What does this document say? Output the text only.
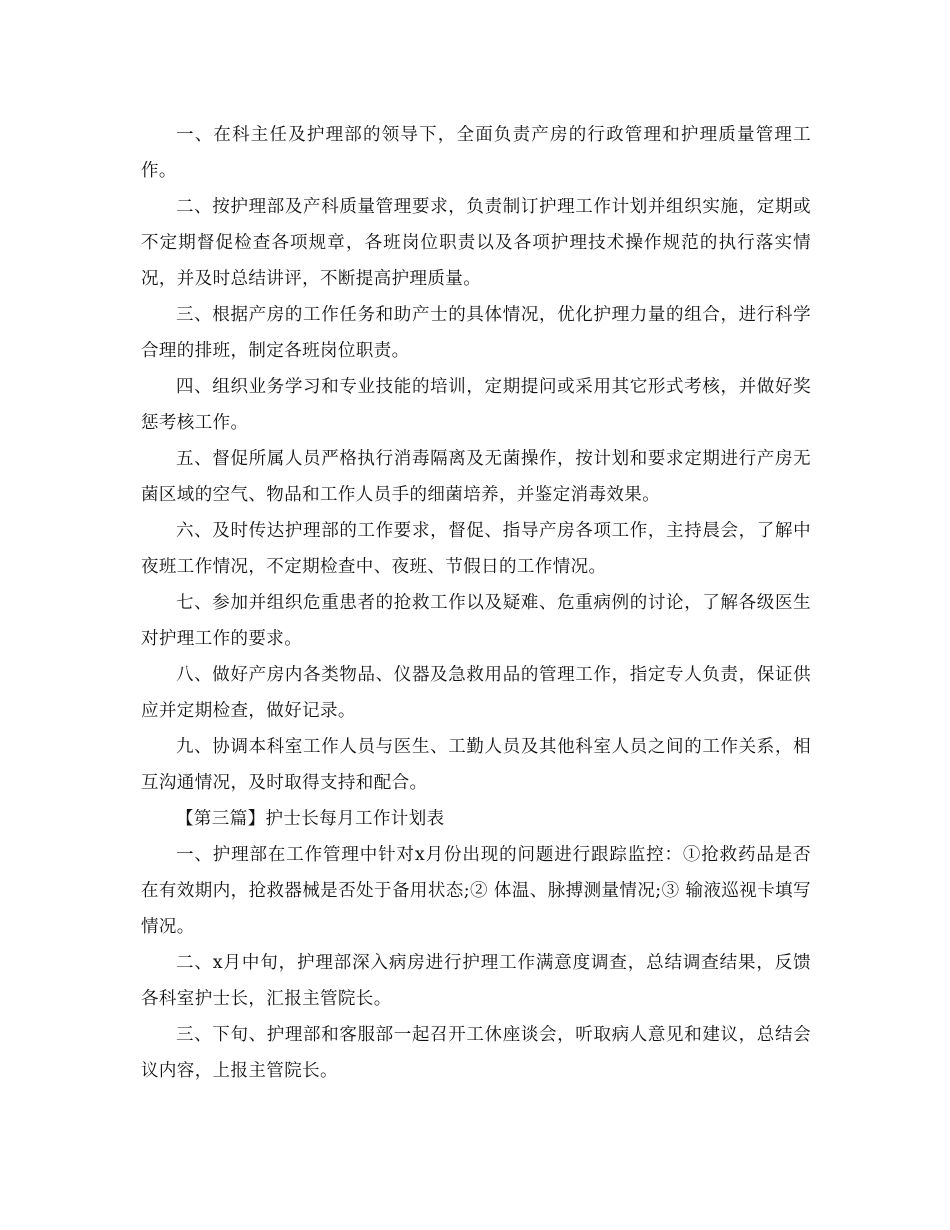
一、在科主任及护理部的领导下，全面负责产房的行政管理和护理质量管理工作。

二、按护理部及产科质量管理要求，负责制订护理工作计划并组织实施，定期或不定期督促检查各项规章，各班岗位职责以及各项护理技术操作规范的执行落实情况，并及时总结讲评，不断提高护理质量。

三、根据产房的工作任务和助产士的具体情况，优化护理力量的组合，进行科学合理的排班，制定各班岗位职责。

四、组织业务学习和专业技能的培训，定期提问或采用其它形式考核，并做好奖惩考核工作。

五、督促所属人员严格执行消毒隔离及无菌操作，按计划和要求定期进行产房无菌区域的空气、物品和工作人员手的细菌培养，并鉴定消毒效果。

六、及时传达护理部的工作要求，督促、指导产房各项工作，主持晨会，了解中夜班工作情况，不定期检查中、夜班、节假日的工作情况。

七、参加并组织危重患者的抢救工作以及疑难、危重病例的讨论，了解各级医生对护理工作的要求。

八、做好产房内各类物品、仪器及急救用品的管理工作，指定专人负责，保证供应并定期检查，做好记录。

九、协调本科室工作人员与医生、工勤人员及其他科室人员之间的工作关系，相互沟通情况，及时取得支持和配合。

【第三篇】护士长每月工作计划表

一、护理部在工作管理中针对x月份出现的问题进行跟踪监控：①抢救药品是否在有效期内，抢救器械是否处于备用状态;② 体温、脉搏测量情况;③ 输液巡视卡填写情况。

二、x月中旬，护理部深入病房进行护理工作满意度调查，总结调查结果，反馈各科室护士长，汇报主管院长。

三、下旬、护理部和客服部一起召开工休座谈会，听取病人意见和建议，总结会议内容，上报主管院长。
